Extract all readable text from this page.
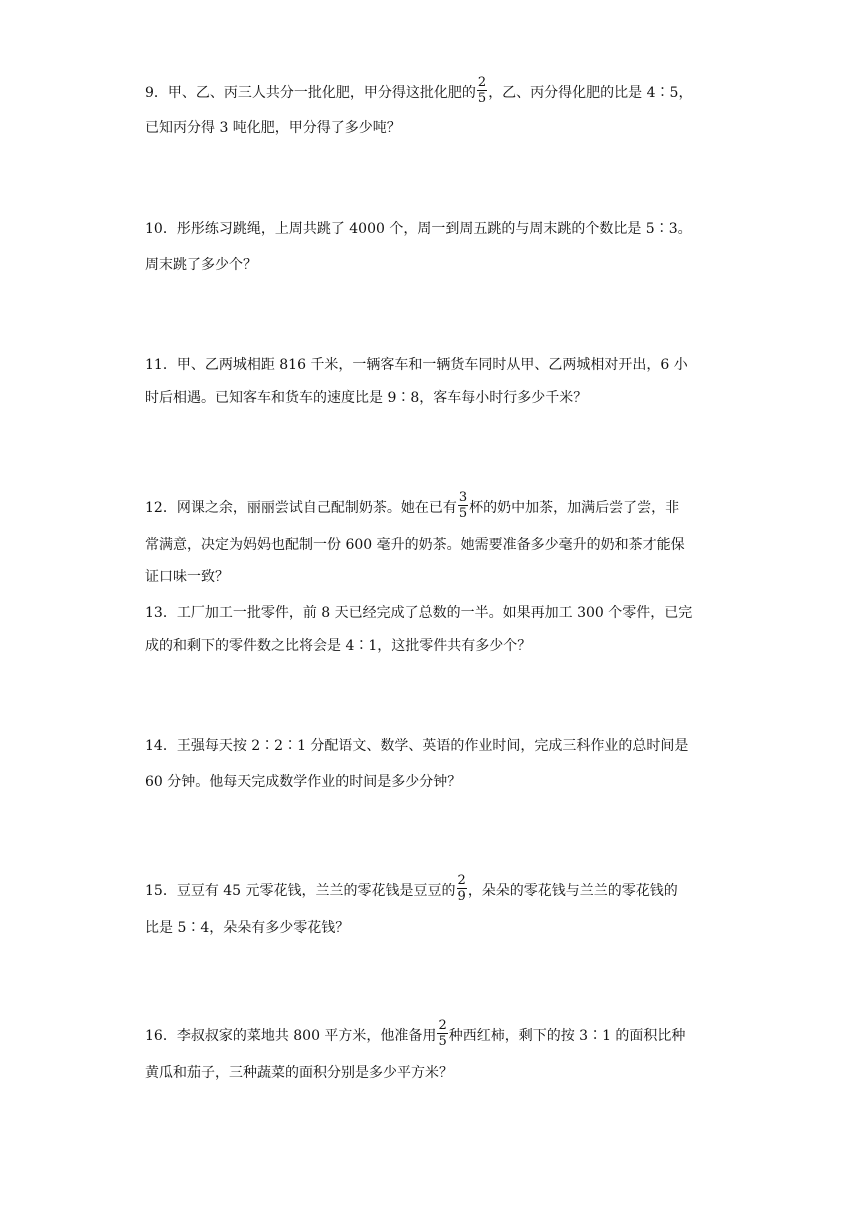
9．甲、乙、丙三人共分一批化肥，甲分得这批化肥的 $\frac{2}{5}$ ，乙、丙分得化肥的比是 4∶5，
已知丙分得 3 吨化肥，甲分得了多少吨？
10．彤彤练习跳绳，上周共跳了 4000 个，周一到周五跳的与周末跳的个数比是 5∶3。
周末跳了多少个？
11．甲、乙两城相距 816 千米，一辆客车和一辆货车同时从甲、乙两城相对开出，6 小
时后相遇。已知客车和货车的速度比是 9∶8，客车每小时行多少千米？
12．网课之余，丽丽尝试自己配制奶茶。她在已有 $\frac{3}{5}$ 杯的奶中加茶，加满后尝了尝，非
常满意，决定为妈妈也配制一份 600 毫升的奶茶。她需要准备多少毫升的奶和茶才能保
证口味一致？
13．工厂加工一批零件，前 8 天已经完成了总数的一半。如果再加工 300 个零件，已完
成的和剩下的零件数之比将会是 4∶1，这批零件共有多少个？
14．王强每天按 2∶2∶1 分配语文、数学、英语的作业时间，完成三科作业的总时间是
60 分钟。他每天完成数学作业的时间是多少分钟？
15．豆豆有 45 元零花钱，兰兰的零花钱是豆豆的 $\frac{2}{9}$ ，朵朵的零花钱与兰兰的零花钱的
比是 5∶4，朵朵有多少零花钱？
16．李叔叔家的菜地共 800 平方米，他准备用 $\frac{2}{5}$ 种西红柿，剩下的按 3∶1 的面积比种
黄瓜和茄子，三种蔬菜的面积分别是多少平方米？
